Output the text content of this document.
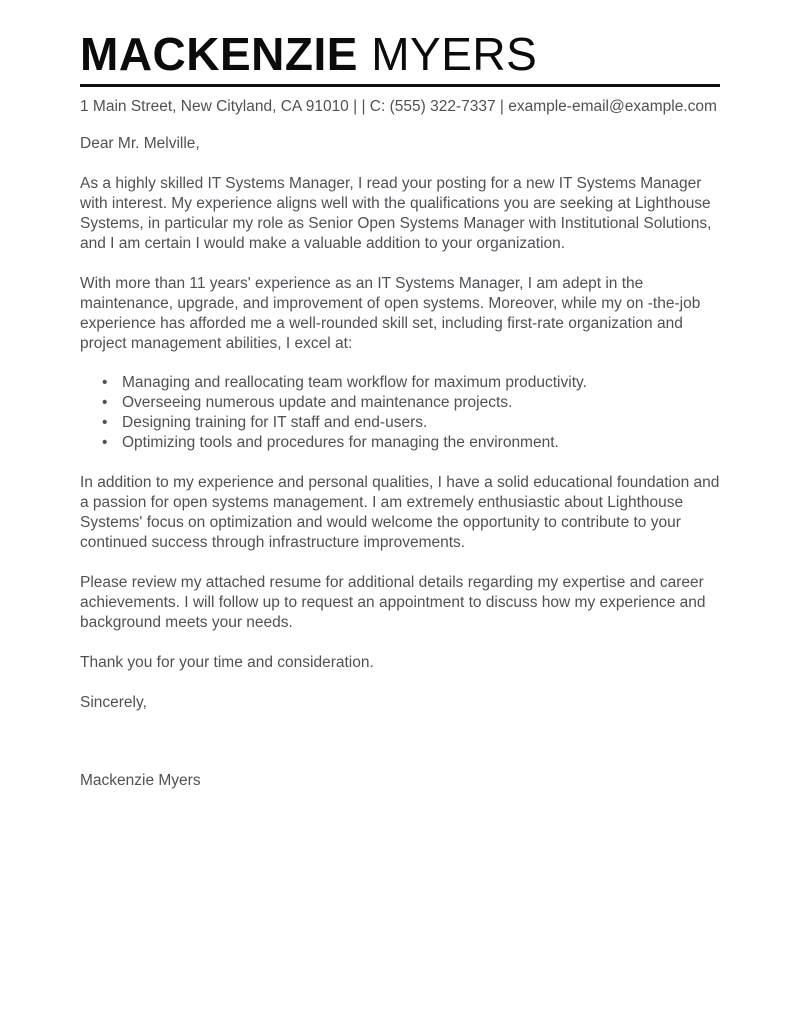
MACKENZIE MYERS

1 Main Street, New Cityland, CA 91010 | | C: (555) 322-7337 | example-email@example.com

Dear Mr. Melville,

As a highly skilled IT Systems Manager, I read your posting for a new IT Systems Manager with interest. My experience aligns well with the qualifications you are seeking at Lighthouse Systems, in particular my role as Senior Open Systems Manager with Institutional Solutions, and I am certain I would make a valuable addition to your organization.

With more than 11 years' experience as an IT Systems Manager, I am adept in the maintenance, upgrade, and improvement of open systems. Moreover, while my on -the-job experience has afforded me a well-rounded skill set, including first-rate organization and project management abilities, I excel at:

• Managing and reallocating team workflow for maximum productivity.
• Overseeing numerous update and maintenance projects.
• Designing training for IT staff and end-users.
• Optimizing tools and procedures for managing the environment.

In addition to my experience and personal qualities, I have a solid educational foundation and a passion for open systems management. I am extremely enthusiastic about Lighthouse Systems' focus on optimization and would welcome the opportunity to contribute to your continued success through infrastructure improvements.

Please review my attached resume for additional details regarding my expertise and career achievements. I will follow up to request an appointment to discuss how my experience and background meets your needs.

Thank you for your time and consideration.

Sincerely,

Mackenzie Myers
